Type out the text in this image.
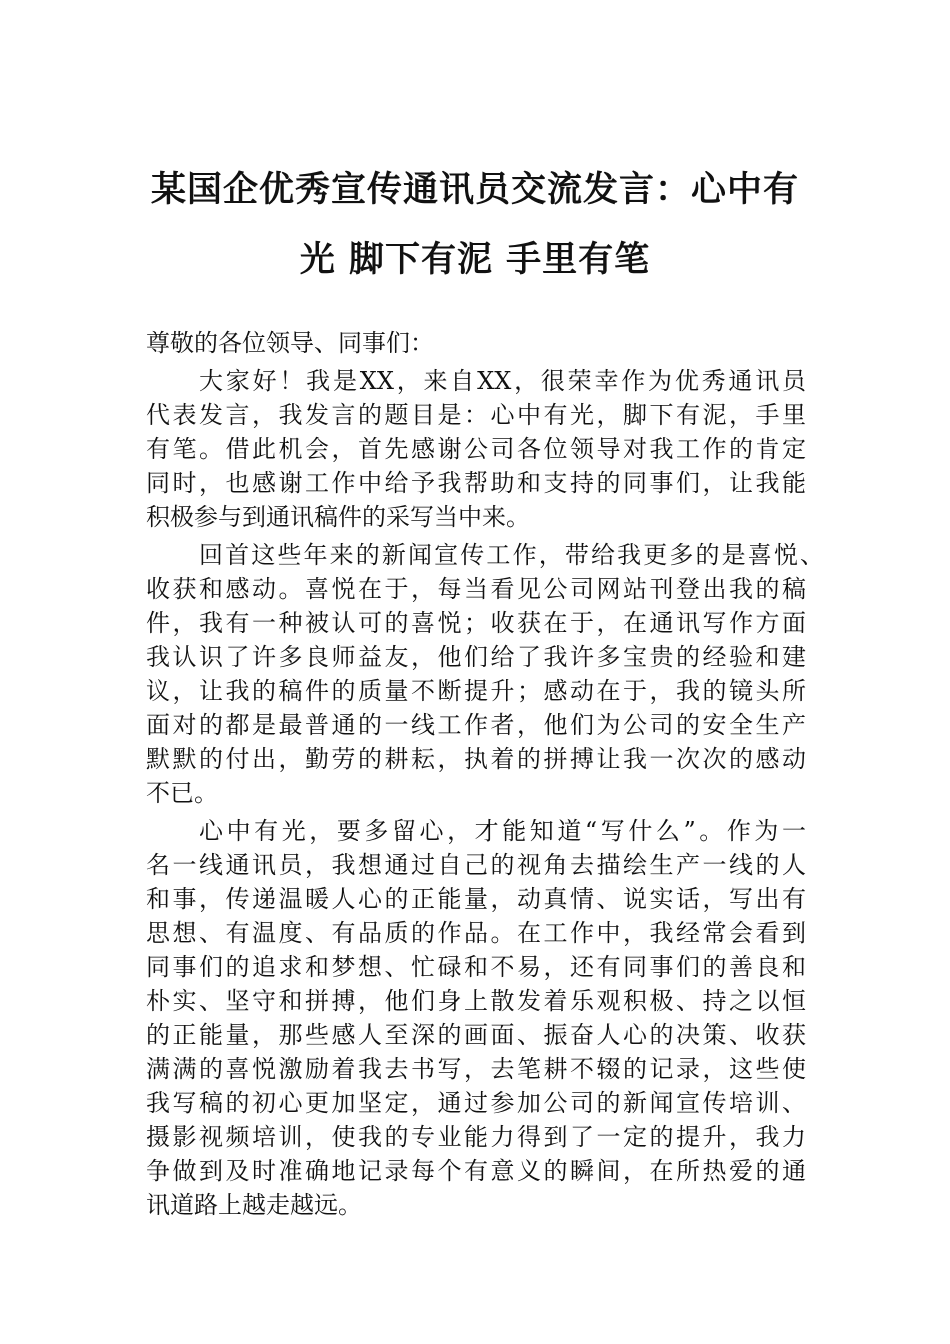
某国企优秀宣传通讯员交流发言：心中有
光 脚下有泥 手里有笔
尊敬的各位领导、同事们：
大家好！我是XX，来自XX，很荣幸作为优秀通讯员
代表发言，我发言的题目是：心中有光，脚下有泥，手里
有笔。借此机会，首先感谢公司各位领导对我工作的肯定
同时，也感谢工作中给予我帮助和支持的同事们，让我能
积极参与到通讯稿件的采写当中来。
回首这些年来的新闻宣传工作，带给我更多的是喜悦、
收获和感动。喜悦在于，每当看见公司网站刊登出我的稿
件，我有一种被认可的喜悦；收获在于，在通讯写作方面
我认识了许多良师益友，他们给了我许多宝贵的经验和建
议，让我的稿件的质量不断提升；感动在于，我的镜头所
面对的都是最普通的一线工作者，他们为公司的安全生产
默默的付出，勤劳的耕耘，执着的拼搏让我一次次的感动
不已。
心中有光，要多留心，才能知道“写什么”。作为一
名一线通讯员，我想通过自己的视角去描绘生产一线的人
和事，传递温暖人心的正能量，动真情、说实话，写出有
思想、有温度、有品质的作品。在工作中，我经常会看到
同事们的追求和梦想、忙碌和不易，还有同事们的善良和
朴实、坚守和拼搏，他们身上散发着乐观积极、持之以恒
的正能量，那些感人至深的画面、振奋人心的决策、收获
满满的喜悦激励着我去书写，去笔耕不辍的记录，这些使
我写稿的初心更加坚定，通过参加公司的新闻宣传培训、
摄影视频培训，使我的专业能力得到了一定的提升，我力
争做到及时准确地记录每个有意义的瞬间，在所热爱的通
讯道路上越走越远。
